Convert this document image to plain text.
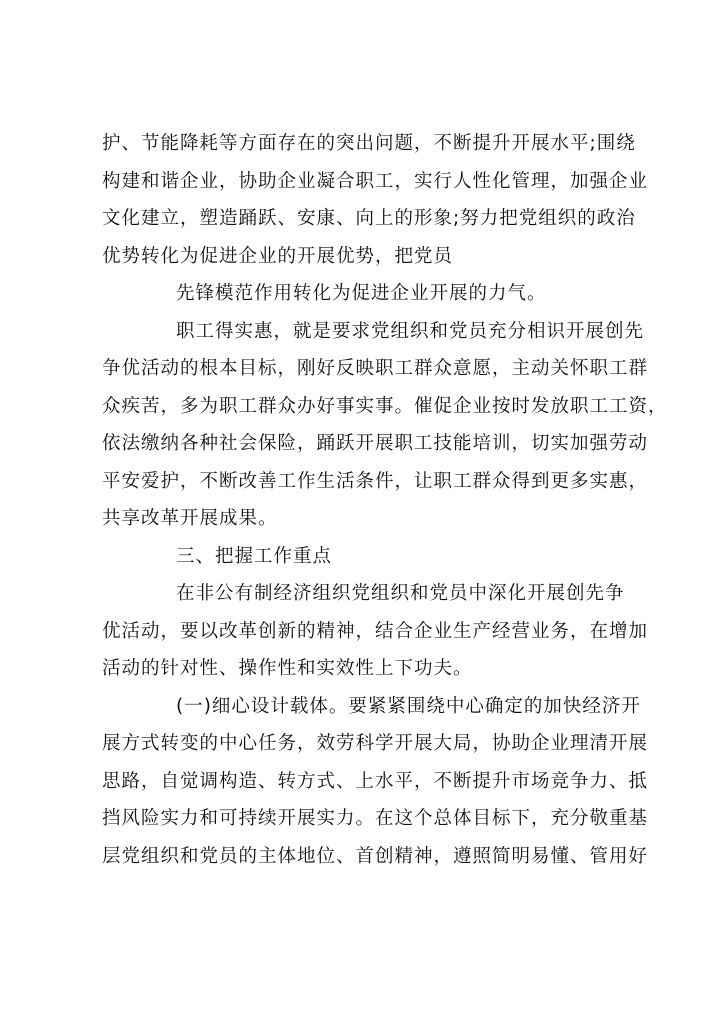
护、节能降耗等方面存在的突出问题，不断提升开展水平;围绕
构建和谐企业，协助企业凝合职工，实行人性化管理，加强企业
文化建立，塑造踊跃、安康、向上的形象;努力把党组织的政治
优势转化为促进企业的开展优势，把党员
先锋模范作用转化为促进企业开展的力气。
职工得实惠，就是要求党组织和党员充分相识开展创先
争优活动的根本目标，刚好反映职工群众意愿，主动关怀职工群
众疾苦，多为职工群众办好事实事。催促企业按时发放职工工资，
依法缴纳各种社会保险，踊跃开展职工技能培训，切实加强劳动
平安爱护，不断改善工作生活条件，让职工群众得到更多实惠，
共享改革开展成果。
三、把握工作重点
在非公有制经济组织党组织和党员中深化开展创先争
优活动，要以改革创新的精神，结合企业生产经营业务，在增加
活动的针对性、操作性和实效性上下功夫。
(一)细心设计载体。要紧紧围绕中心确定的加快经济开
展方式转变的中心任务，效劳科学开展大局，协助企业理清开展
思路，自觉调构造、转方式、上水平，不断提升市场竞争力、抵
挡风险实力和可持续开展实力。在这个总体目标下，充分敬重基
层党组织和党员的主体地位、首创精神，遵照简明易懂、管用好
